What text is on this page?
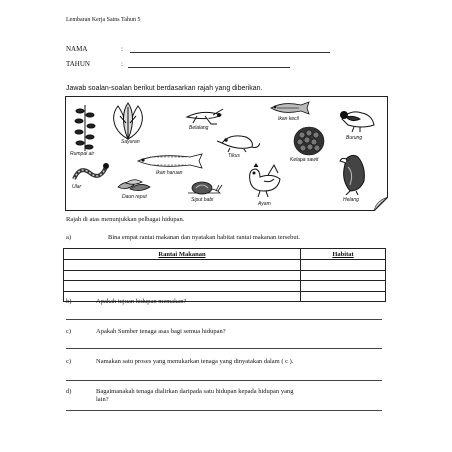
Lembaran Kerja Sains Tahun 5
NAMA	:
TAHUN	:
Jawab soalan-soalan berikut berdasarkan rajah yang diberikan.
Rumpai air
Sayuran
Belalang
Ikan kecil
Burung
Tikus
Kelapa sawit
Ular
Ikan haruan
Daun reput	Siput babi
Ayam
Helang
Rajah di atas menunjukkan pelbagai hidupan.
a)	Bina empat rantai makanan dan nyatakan habitat rantai makanan tersebut.
Rantai Makanan	Habitat

b)	Apakah tujuan hidupan memakan?
c)	Apakah Sumber tenaga asas bagi semua hidupan?
c)	Namakan satu proses yang menukarkan tenaga yang dinyatakan dalam ( c ).
d)	Bagaimanakah tenaga dialirkan daripada satu hidupan kepada hidupan yang
lain?
